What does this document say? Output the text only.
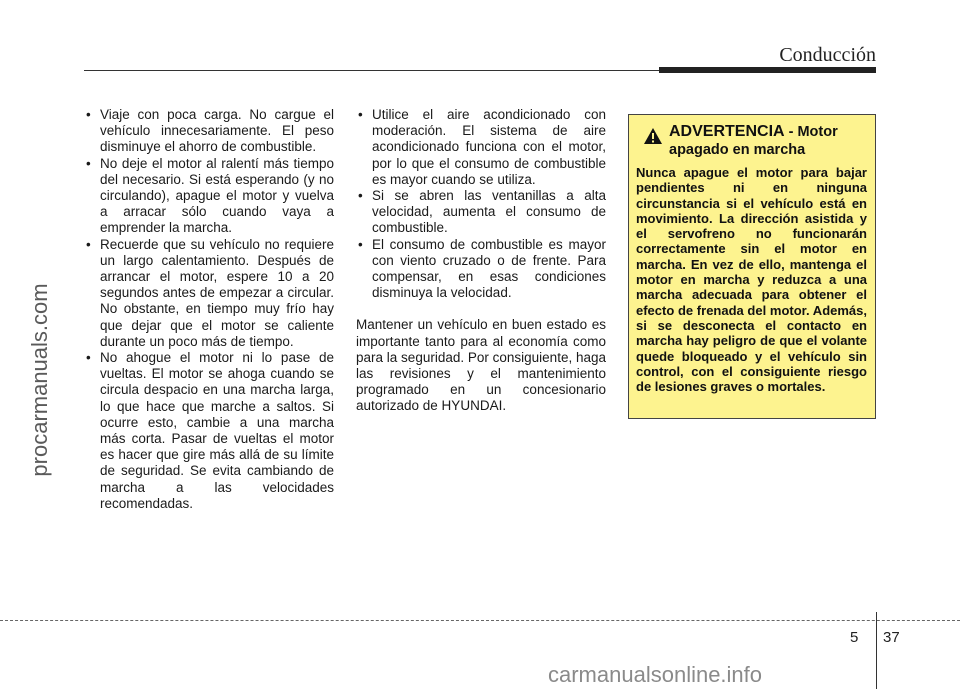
Conducción
procarmanuals.com
• Viaje con poca carga. No cargue el vehículo innecesariamente. El peso disminuye el ahorro de combustible.
• No deje el motor al ralentí más tiempo del necesario. Si está esperando (y no circulando), apague el motor y vuelva a arracar sólo cuando vaya a emprender la marcha.
• Recuerde que su vehículo no requiere un largo calentamiento. Después de arrancar el motor, espere 10 a 20 segundos antes de empezar a circular. No obstante, en tiempo muy frío hay que dejar que el motor se caliente durante un poco más de tiempo.
• No ahogue el motor ni lo pase de vueltas. El motor se ahoga cuando se circula despacio en una marcha larga, lo que hace que marche a saltos. Si ocurre esto, cambie a una marcha más corta. Pasar de vueltas el motor es hacer que gire más allá de su límite de seguridad. Se evita cambiando de marcha a las velocidades recomendadas.
• Utilice el aire acondicionado con moderación. El sistema de aire acondicionado funciona con el motor, por lo que el consumo de combustible es mayor cuando se utiliza.
• Si se abren las ventanillas a alta velocidad, aumenta el consumo de combustible.
• El consumo de combustible es mayor con viento cruzado o de frente. Para compensar, en esas condiciones disminuya la velocidad.

Mantener un vehículo en buen estado es importante tanto para al economía como para la seguridad. Por consiguiente, haga las revisiones y el mantenimiento programado en un concesionario autorizado de HYUNDAI.

ADVERTENCIA - Motor apagado en marcha
Nunca apague el motor para bajar pendientes ni en ninguna circunstancia si el vehículo está en movimiento. La dirección asistida y el servofreno no funcionarán correctamente sin el motor en marcha. En vez de ello, mantenga el motor en marcha y reduzca a una marcha adecuada para obtener el efecto de frenada del motor. Además, si se desconecta el contacto en marcha hay peligro de que el volante quede bloqueado y el vehículo sin control, con el consiguiente riesgo de lesiones graves o mortales.
5 37
carmanualsonline.info
